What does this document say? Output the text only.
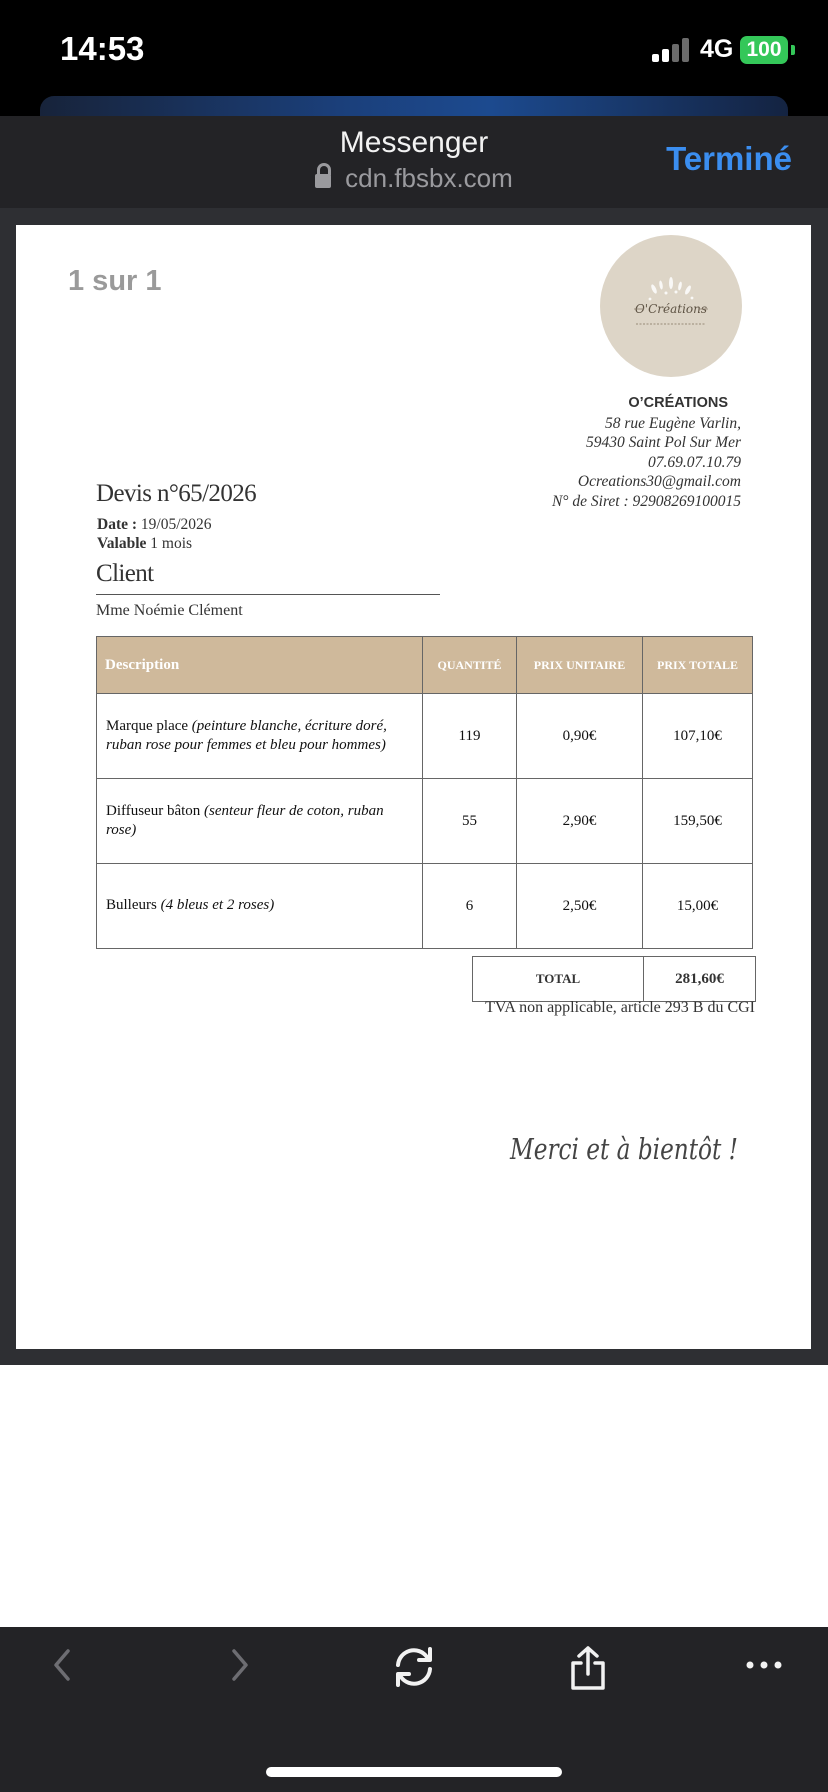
14:53	4G 100
Messenger
cdn.fbsbx.com
Terminé
1 sur 1
O'Créations
O’CRÉATIONS
58 rue Eugène Varlin,
59430 Saint Pol Sur Mer
07.69.07.10.79
Ocreations30@gmail.com
N° de Siret : 92908269100015
Devis n°65/2026
Date : 19/05/2026
Valable 1 mois
Client
Mme Noémie Clément
Description	QUANTITÉ	PRIX UNITAIRE	PRIX TOTALE
Marque place (peinture blanche, écriture doré, ruban rose pour femmes et bleu pour hommes)	119	0,90€	107,10€
Diffuseur bâton (senteur fleur de coton, ruban rose)	55	2,90€	159,50€
Bulleurs (4 bleus et 2 roses)	6	2,50€	15,00€
TOTAL	281,60€
TVA non applicable, article 293 B du CGI
Merci et à bientôt !
